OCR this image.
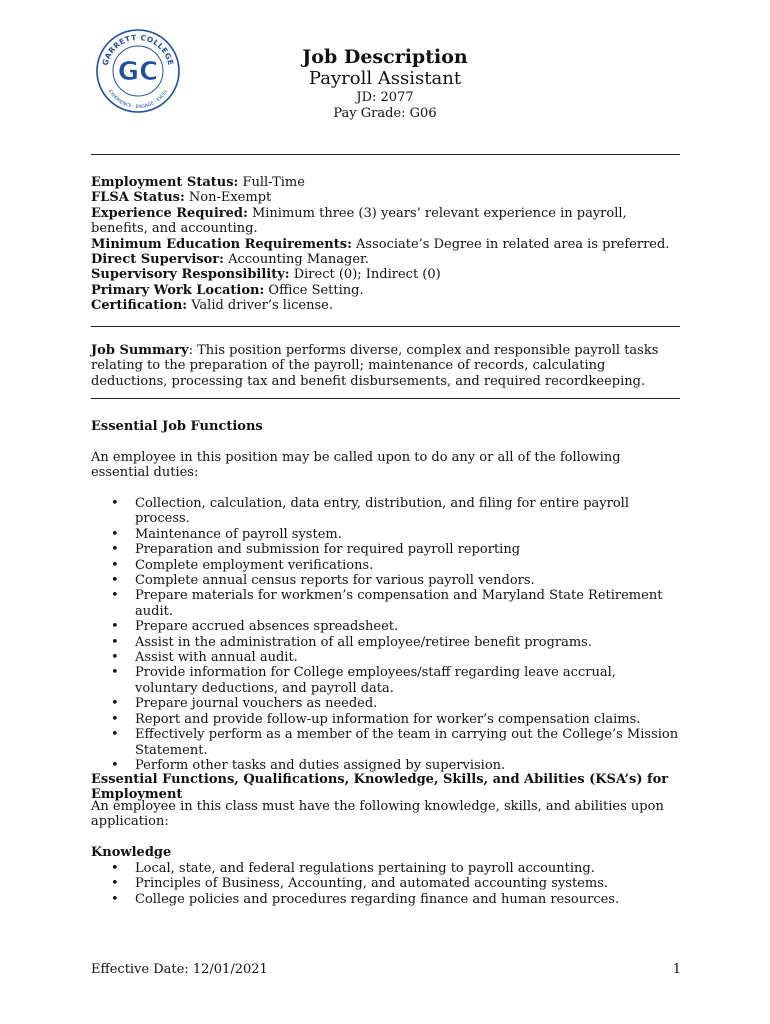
GARRETT COLLEGE
EXPERIENCE · ENGAGE · EXCEL
GC	Job Description
Payroll Assistant
JD: 2077
Pay Grade: G06
Employment Status: Full-Time
FLSA Status: Non-Exempt
Experience Required: Minimum three (3) years’ relevant experience in payroll, benefits, and accounting.
Minimum Education Requirements: Associate’s Degree in related area is preferred.
Direct Supervisor: Accounting Manager.
Supervisory Responsibility: Direct (0); Indirect (0)
Primary Work Location: Office Setting.
Certification: Valid driver’s license.
Job Summary: This position performs diverse, complex and responsible payroll tasks relating to the preparation of the payroll; maintenance of records, calculating deductions, processing tax and benefit disbursements, and required recordkeeping.
Essential Job Functions
An employee in this position may be called upon to do any or all of the following essential duties:
• Collection, calculation, data entry, distribution, and filing for entire payroll process.
• Maintenance of payroll system.
• Preparation and submission for required payroll reporting
• Complete employment verifications.
• Complete annual census reports for various payroll vendors.
• Prepare materials for workmen’s compensation and Maryland State Retirement audit.
• Prepare accrued absences spreadsheet.
• Assist in the administration of all employee/retiree benefit programs.
• Assist with annual audit.
• Provide information for College employees/staff regarding leave accrual, voluntary deductions, and payroll data.
• Prepare journal vouchers as needed.
• Report and provide follow-up information for worker’s compensation claims.
• Effectively perform as a member of the team in carrying out the College’s Mission Statement.
• Perform other tasks and duties assigned by supervision.
Essential Functions, Qualifications, Knowledge, Skills, and Abilities (KSA’s) for Employment
An employee in this class must have the following knowledge, skills, and abilities upon application:
Knowledge
• Local, state, and federal regulations pertaining to payroll accounting.
• Principles of Business, Accounting, and automated accounting systems.
• College policies and procedures regarding finance and human resources.
Effective Date: 12/01/2021	1
